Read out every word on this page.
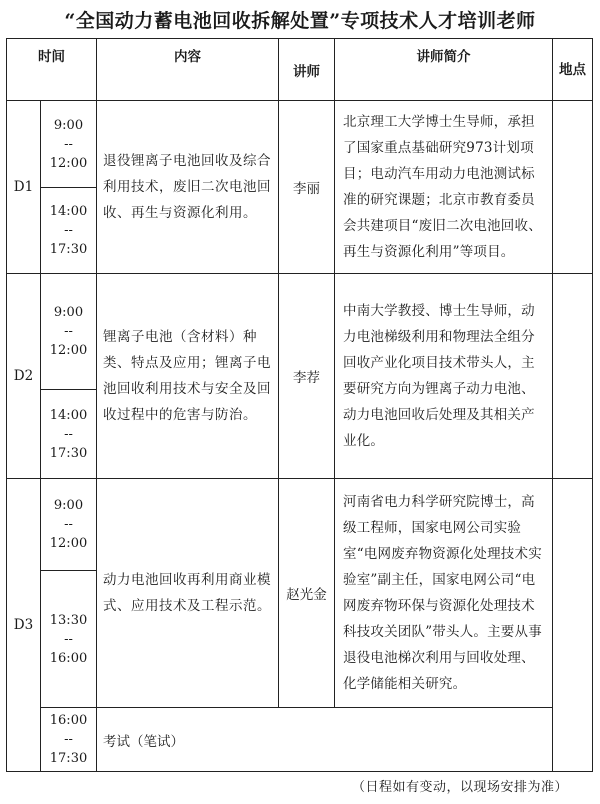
“全国动力蓄电池回收拆解处置”专项技术人才培训老师
时间		内容	讲师	讲师简介	地点
D1	9:00
--
12:00	退役锂离子电池回收及综合利用技术，废旧二次电池回收、再生与资源化利用。	李丽	北京理工大学博士生导师，承担了国家重点基础研究973计划项目；电动汽车用动力电池测试标准的研究课题；北京市教育委员会共建项目“废旧二次电池回收、再生与资源化利用”等项目。	

	14:00
--
17:30				

D2	9:00
--
12:00	锂离子电池（含材料）种类、特点及应用；锂离子电池回收利用技术与安全及回收过程中的危害与防治。	李荐	中南大学教授、博士生导师，动力电池梯级利用和物理法全组分回收产业化项目技术带头人，主要研究方向为锂离子动力电池、动力电池回收后处理及其相关产业化。	

	14:00
--
17:30				

D3	9:00
--
12:00	动力电池回收再利用商业模式、应用技术及工程示范。	赵光金	河南省电力科学研究院博士，高级工程师，国家电网公司实验室“电网废弃物资源化处理技术实验室”副主任，国家电网公司“电网废弃物环保与资源化处理技术科技攻关团队”带头人。主要从事退役电池梯次利用与回收处理、化学储能相关研究。	

	13:30
--
16:00				

	16:00
--
17:30	考试（笔试）			
（日程如有变动，以现场安排为准）
